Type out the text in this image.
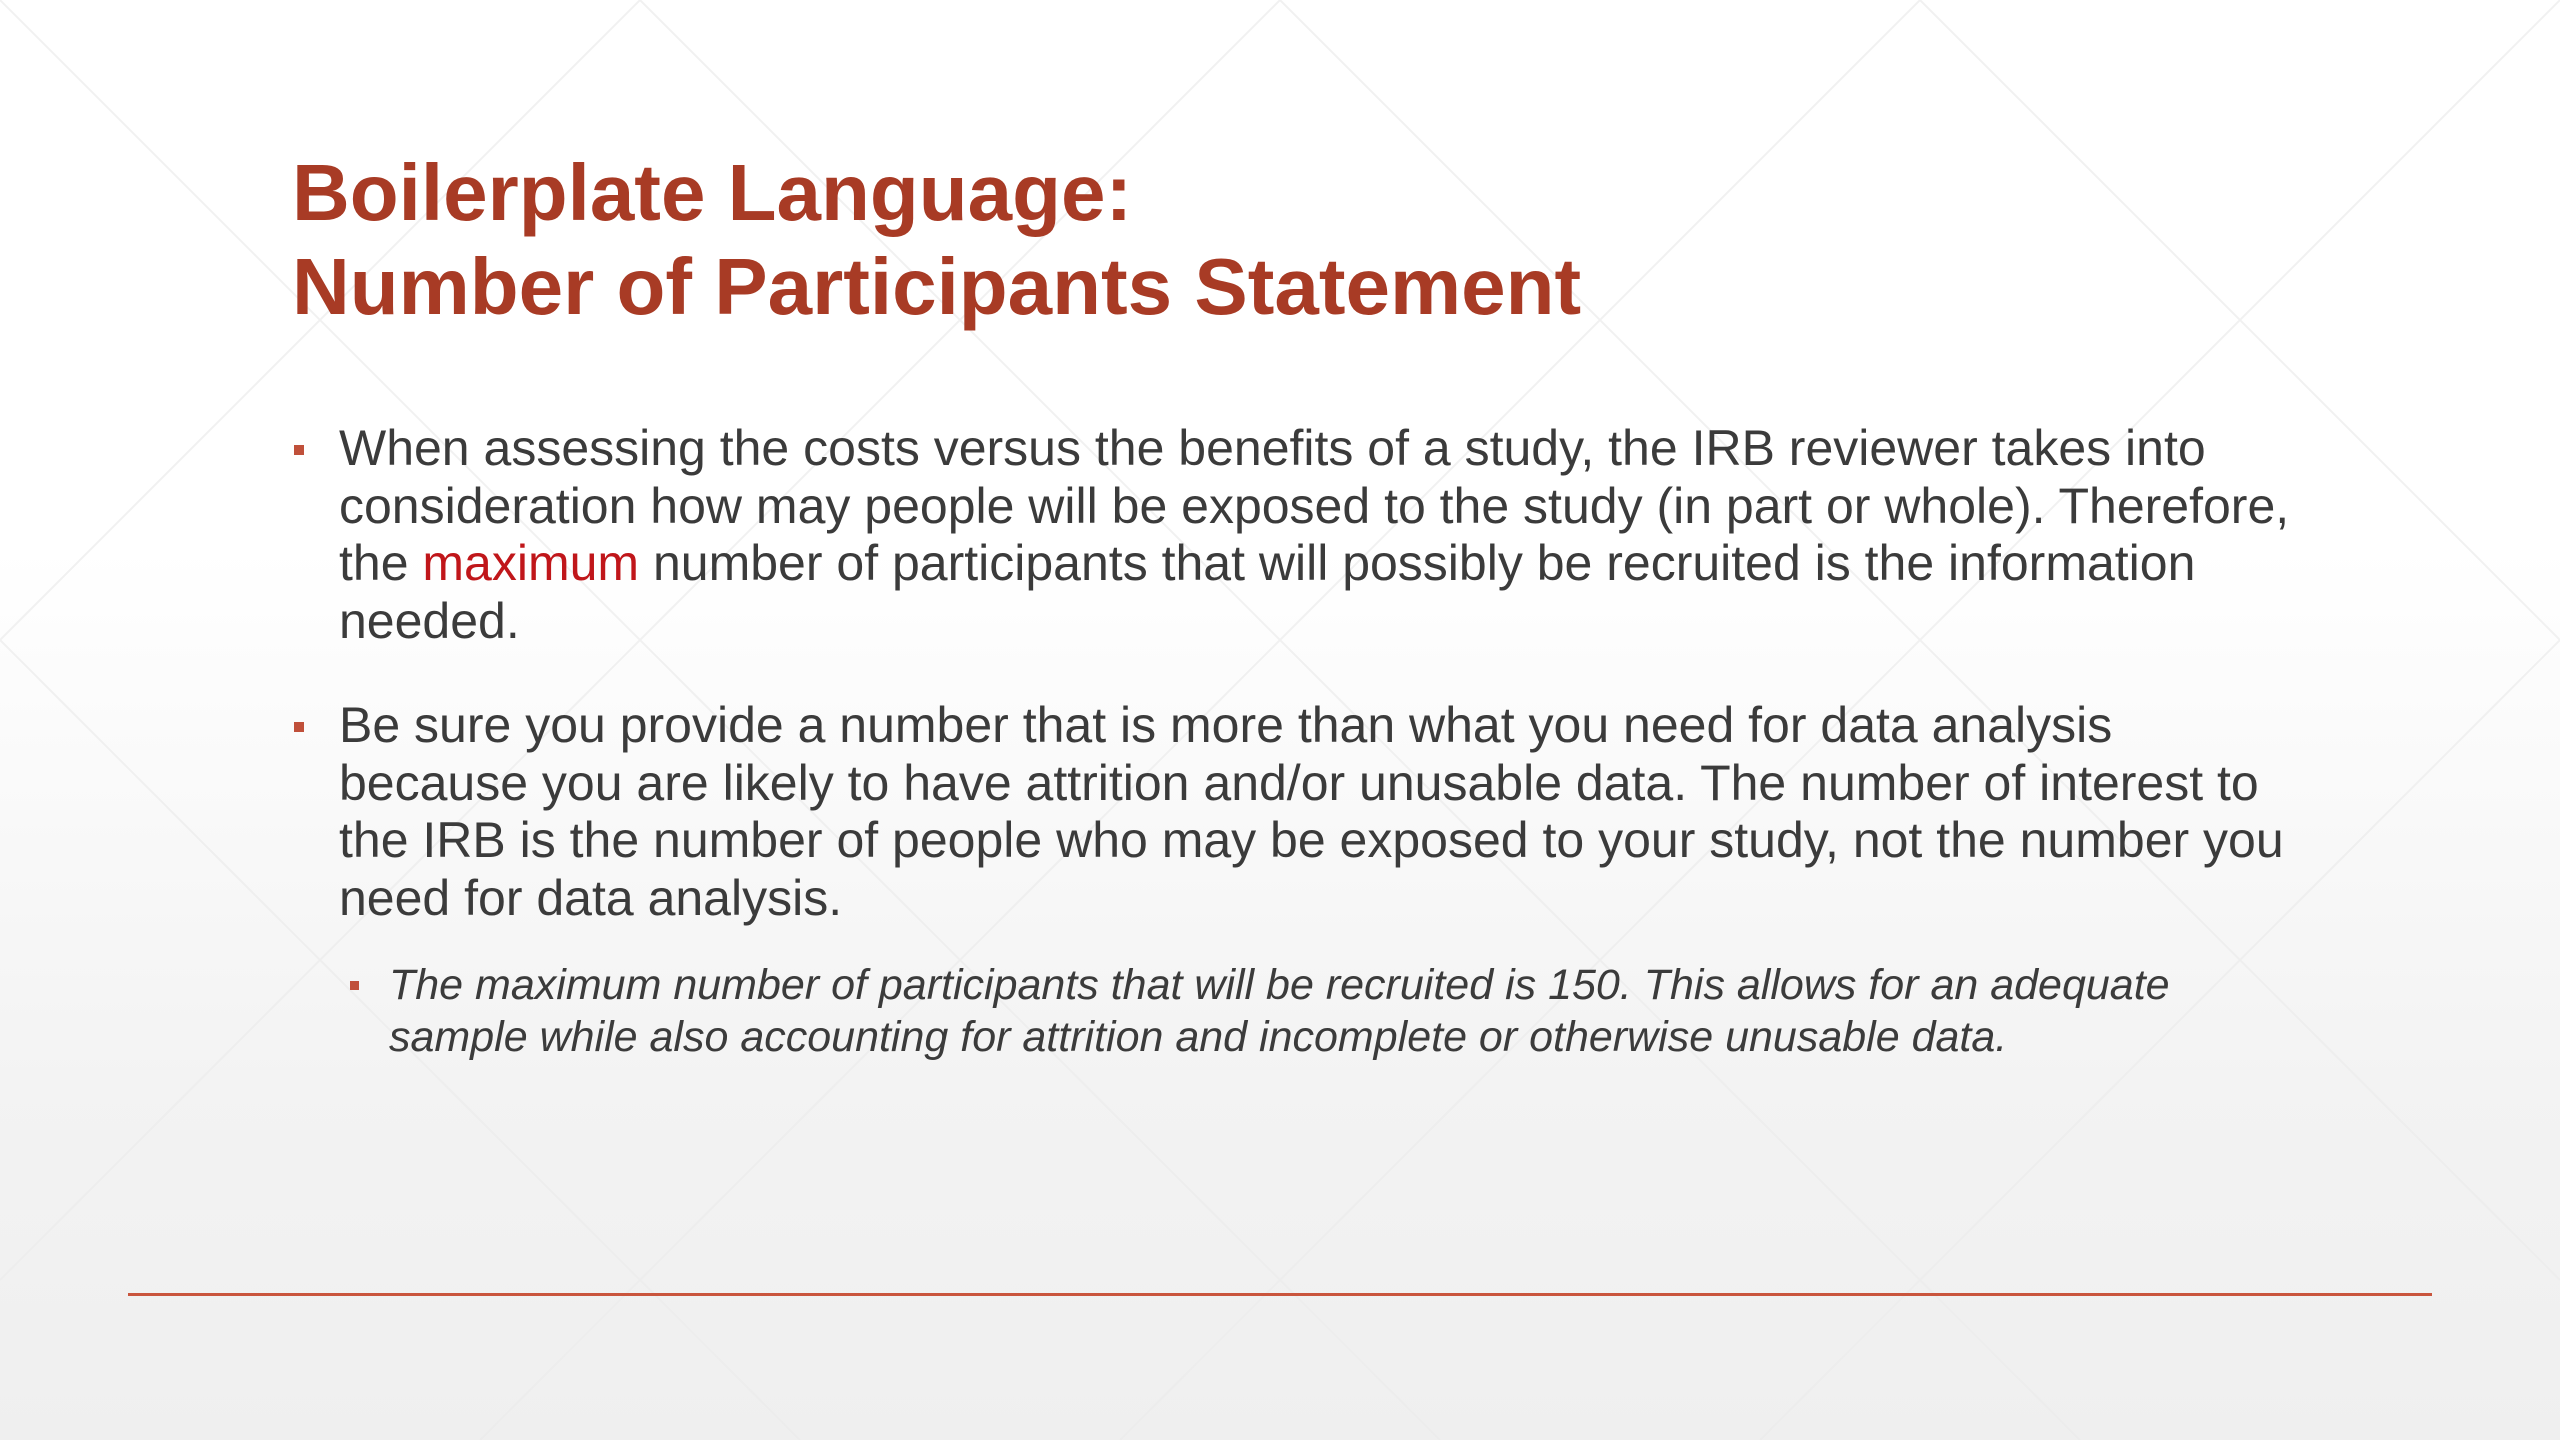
Boilerplate Language:
Number of Participants Statement
When assessing the costs versus the benefits of a study, the IRB reviewer takes into consideration how may people will be exposed to the study (in part or whole). Therefore, the maximum number of participants that will possibly be recruited is the information needed.
Be sure you provide a number that is more than what you need for data analysis because you are likely to have attrition and/or unusable data. The number of interest to the IRB is the number of people who may be exposed to your study, not the number you need for data analysis.
The maximum number of participants that will be recruited is 150. This allows for an adequate sample while also accounting for attrition and incomplete or otherwise unusable data.
